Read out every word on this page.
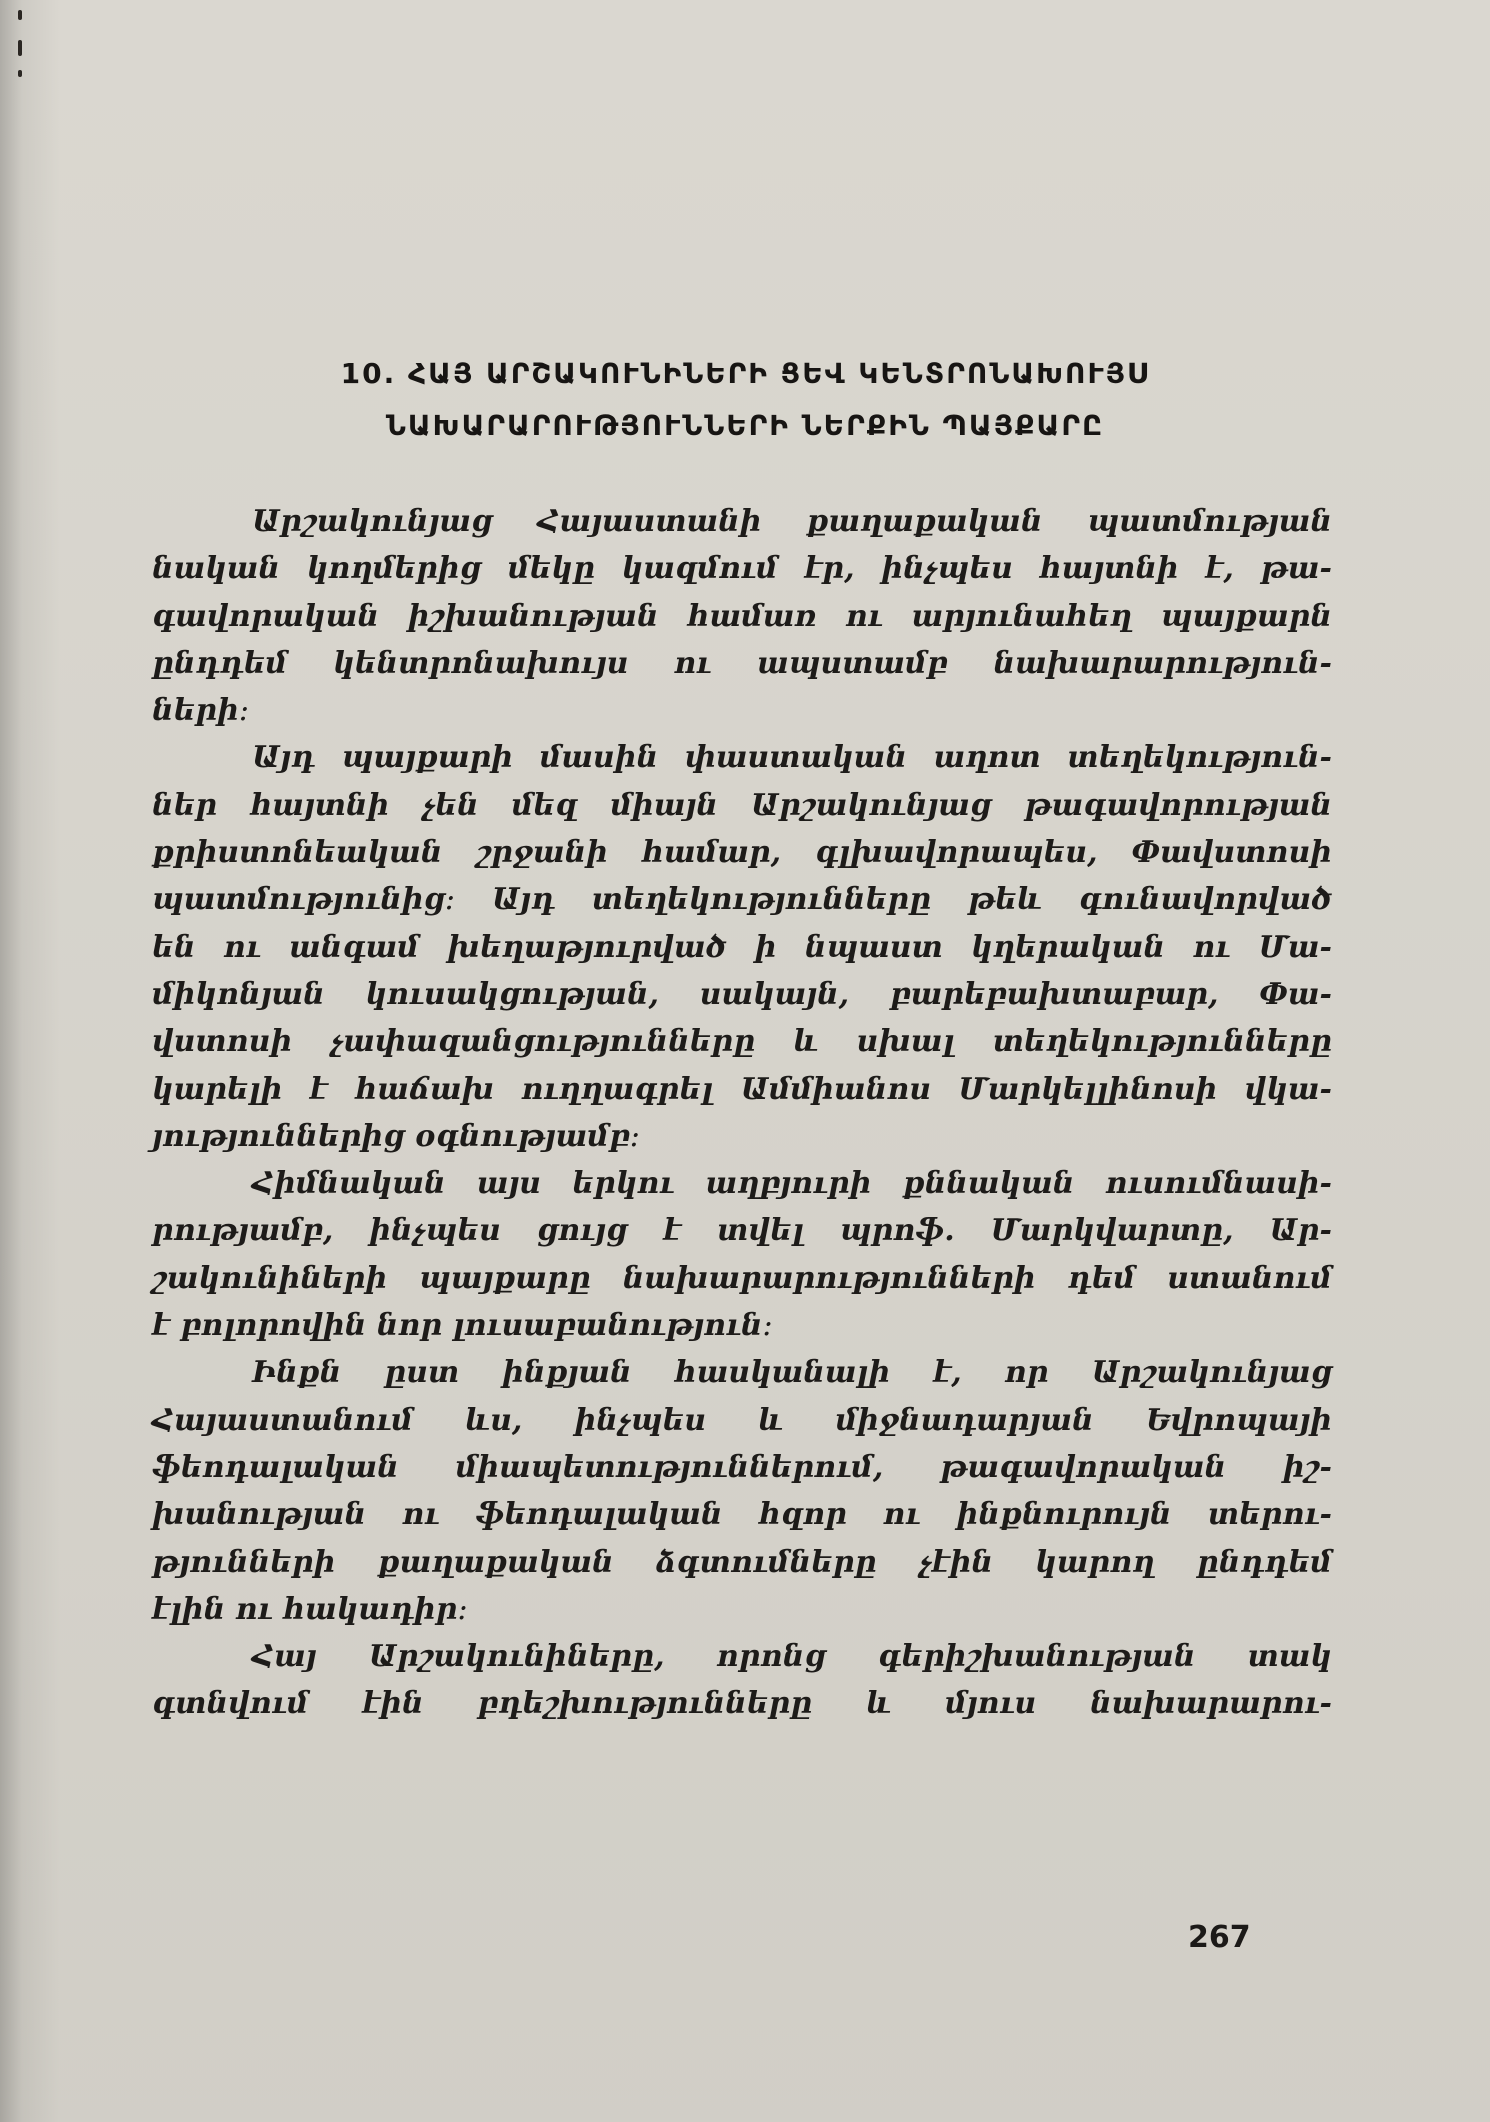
10. ՀԱՅ ԱՐՇԱԿՈՒՆԻՆԵՐԻ ՑԵՎ ԿԵՆՏՐՈՆԱԽՈՒՅՍ
ՆԱԽԱՐԱՐՈՒԹՅՈՒՆՆԵՐԻ ՆԵՐՔԻՆ ՊԱՅՔԱՐԸ
Արշակունյաց Հայաստանի քաղաքական պատմության
նական կողմերից մեկը կազմում էր, ինչպես հայտնի է, թա-
գավորական իշխանության համառ ու արյունահեղ պայքարն
ընդդեմ կենտրոնախույս ու ապստամբ նախարարություն-
ների։
Այդ պայքարի մասին փաստական աղոտ տեղեկություն-
ներ հայտնի չեն մեզ միայն Արշակունյաց թագավորության
քրիստոնեական շրջանի համար, գլխավորապես, Փավստոսի
պատմությունից։ Այդ տեղեկությունները թեև գունավորված
են ու անգամ խեղաթյուրված ի նպաստ կղերական ու Մա-
միկոնյան կուսակցության, սակայն, բարեբախտաբար, Փա-
վստոսի չափազանցությունները և սխալ տեղեկությունները
կարելի է հաճախ ուղղագրել Ամմիանոս Մարկելլինոսի վկա-
յություններից օգնությամբ։
Հիմնական այս երկու աղբյուրի քննական ուսումնասի-
րությամբ, ինչպես ցույց է տվել պրոֆ. Մարկվարտը, Ար-
շակունիների պայքարը նախարարությունների դեմ ստանում
է բոլորովին նոր լուսաբանություն։
Ինքն ըստ ինքյան հասկանալի է, որ Արշակունյաց
Հայաստանում ևս, ինչպես և միջնադարյան Եվրոպայի
ֆեոդալական միապետություններում, թագավորական իշ-
խանության ու ֆեոդալական հզոր ու ինքնուրույն տերու-
թյունների քաղաքական ձգտումները չէին կարող ընդդեմ
էլին ու հակադիր։
Հայ Արշակունիները, որոնց գերիշխանության տակ
գտնվում էին բդեշխությունները և մյուս նախարարու-
267
